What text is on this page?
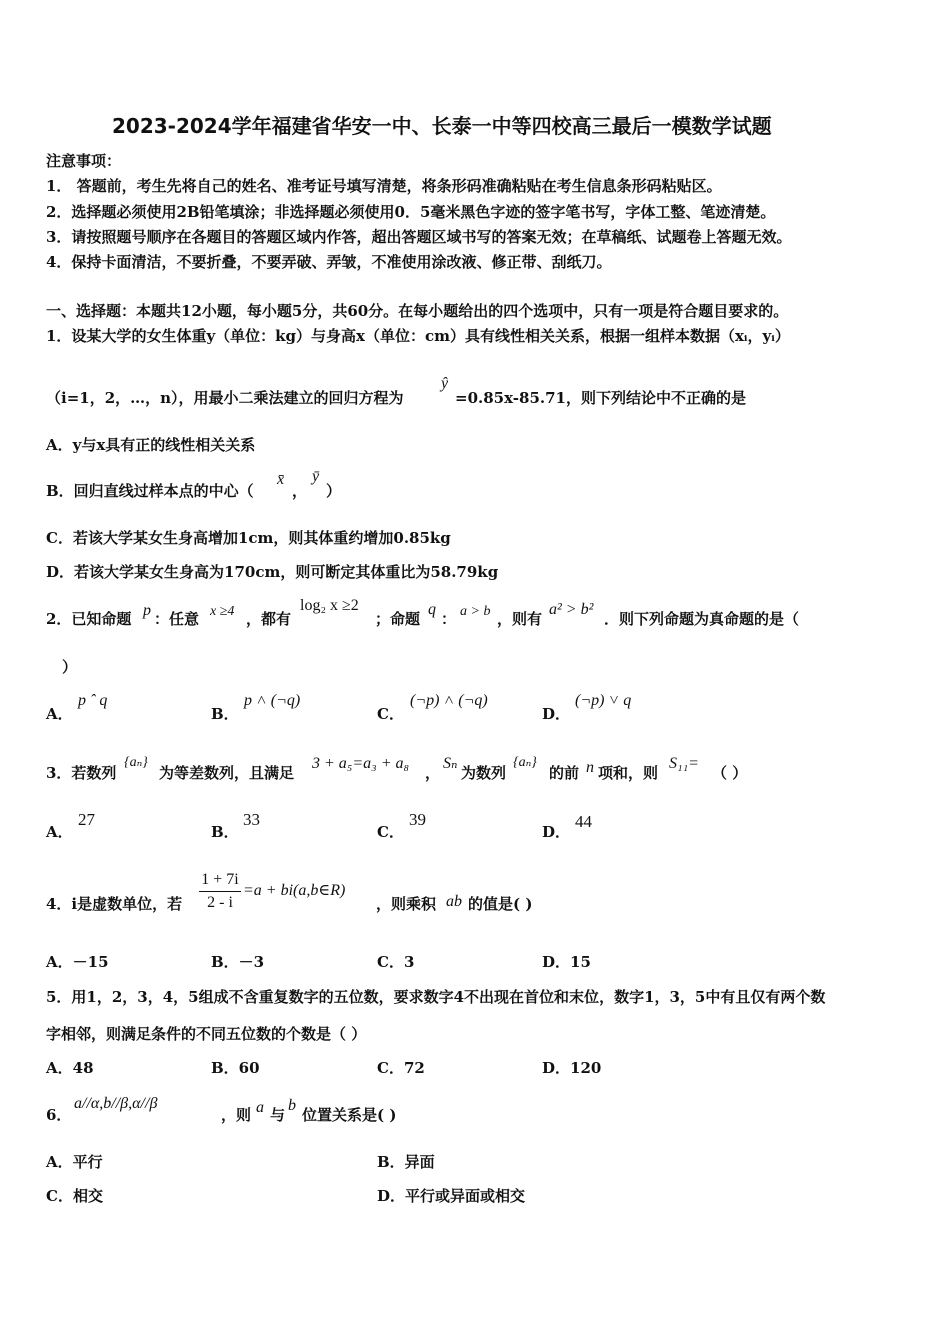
2023-2024学年福建省华安一中、长泰一中等四校高三最后一模数学试题
注意事项：
1． 答题前，考生先将自己的姓名、准考证号填写清楚，将条形码准确粘贴在考生信息条形码粘贴区。
2．选择题必须使用2B铅笔填涂；非选择题必须使用0．5毫米黑色字迹的签字笔书写，字体工整、笔迹清楚。
3．请按照题号顺序在各题目的答题区域内作答，超出答题区域书写的答案无效；在草稿纸、试题卷上答题无效。
4．保持卡面清洁，不要折叠，不要弄破、弄皱，不准使用涂改液、修正带、刮纸刀。
一、选择题：本题共12小题，每小题5分，共60分。在每小题给出的四个选项中，只有一项是符合题目要求的。
1．设某大学的女生体重y（单位：kg）与身高x（单位：cm）具有线性相关关系，根据一组样本数据（xᵢ，yᵢ）
（i=1，2，…，n），用最小二乘法建立的回归方程为
ŷ
=0.85x-85.71，则下列结论中不正确的是
A．y与x具有正的线性相关关系
B．回归直线过样本点的中心（
x̄
，
ȳ
）
C．若该大学某女生身高增加1cm，则其体重约增加0.85kg
D．若该大学某女生身高为170cm，则可断定其体重比为58.79kg
2．已知命题 p ：任意 x ≥4 ，都有
log₂ x ≥2
；命题
q
： a > b ，则有
a² > b²
．则下列命题为真命题的是（
）
A．
p ˆ q
B．
p ˄ (¬q)
C．
(¬p) ˄ (¬q)
D．
(¬p) ˅ q
3．若数列
{aₙ}
为等差数列，且满足
3 + a₅=a₃ + a₈
，
Sₙ
为数列
{aₙ}
的前 n 项和，则
S₁₁=
（ ）
A．
27
B．
33
C．
39
D．
44
4．i是虚数单位，若
1 + 7i
2 - i
=a + bi(a,b∈R)
，则乘积 ab 的值是( )
A．－15	B．－3	C．3	D．15
5．用1，2，3，4，5组成不含重复数字的五位数，要求数字4不出现在首位和末位，数字1，3，5中有且仅有两个数
字相邻，则满足条件的不同五位数的个数是（ ）
A．48	B．60	C．72	D．120
6．
a//α,b//β,α//β
，则 a 与
b
位置关系是( )
A．平行	B．异面
C．相交	D．平行或异面或相交
